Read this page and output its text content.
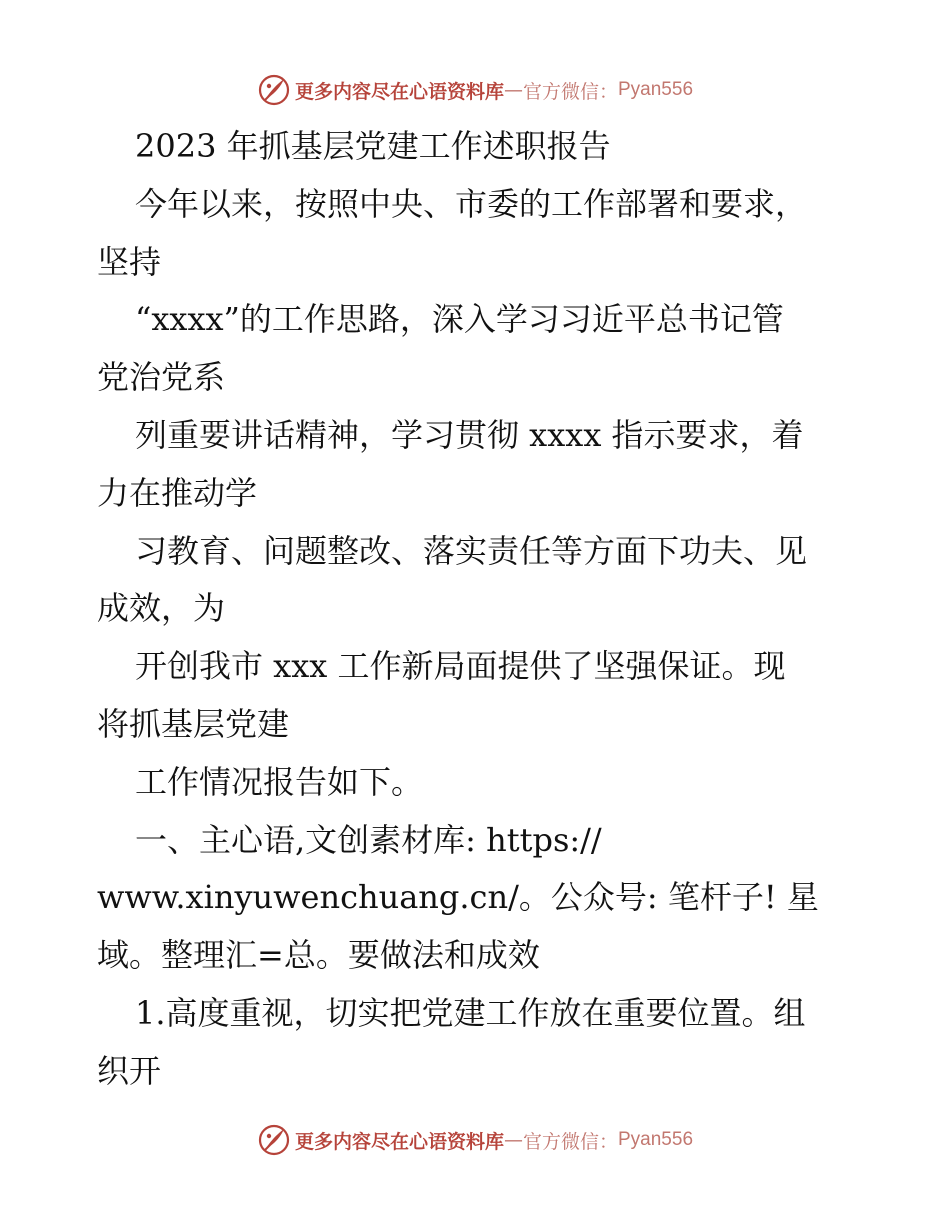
更多内容尽在心语资料库 — 官方微信： Pyan556
2023 年抓基层党建工作述职报告
今年以来，按照中央、市委的工作部署和要求，
坚持
“xxxx”的工作思路，深入学习习近平总书记管
党治党系
列重要讲话精神，学习贯彻 xxxx 指示要求，着
力在推动学
习教育、问题整改、落实责任等方面下功夫、见
成效，为
开创我市 xxx 工作新局面提供了坚强保证。现
将抓基层党建
工作情况报告如下。
一、主心语,文创素材库: https://
www.xinyuwenchuang.cn/。公众号: 笔杆子! 星
域。整理汇=总。要做法和成效
1.高度重视，切实把党建工作放在重要位置。组
织开
更多内容尽在心语资料库 — 官方微信： Pyan556
